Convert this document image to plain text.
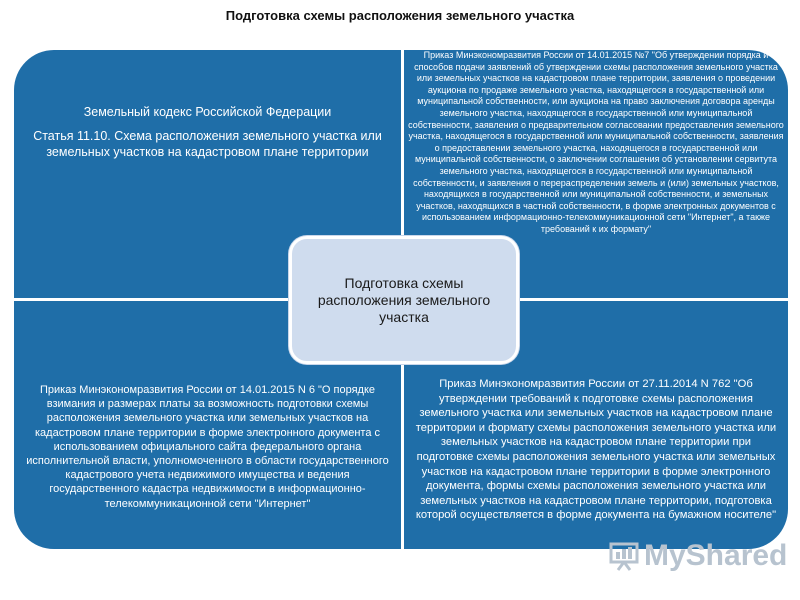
Подготовка схемы расположения земельного участка
Земельный кодекс Российской Федерации
Статья 11.10. Схема расположения земельного участка или земельных участков на кадастровом плане территории
Приказ Минэкономразвития России от 14.01.2015 №7 "Об утверждении порядка и способов подачи заявлений об утверждении схемы расположения земельного участка или земельных участков на кадастровом плане территории, заявления о проведении аукциона по продаже земельного участка, находящегося в государственной или муниципальной собственности, или аукциона на право заключения договора аренды земельного участка, находящегося в государственной или муниципальной собственности, заявления о предварительном согласовании предоставления земельного участка, находящегося в государственной или муниципальной собственности, заявления о предоставлении земельного участка, находящегося в государственной или муниципальной собственности, о заключении соглашения об установлении сервитута земельного участка, находящегося в государственной или муниципальной собственности, и заявления о перераспределении земель и (или) земельных участков, находящихся в государственной или муниципальной собственности, и земельных участков, находящихся в частной собственности, в форме электронных документов с использованием информационно-телекоммуникационной сети "Интернет", а также требований к их формату"
Приказ Минэкономразвития России от 14.01.2015 N 6 "О порядке взимания и размерах платы за возможность подготовки схемы расположения земельного участка или земельных участков на кадастровом плане территории в форме электронного документа с использованием официального сайта федерального органа исполнительной власти, уполномоченного в области государственного кадастрового учета недвижимого имущества и ведения государственного кадастра недвижимости в информационно-телекоммуникационной сети "Интернет"
Приказ Минэкономразвития России от 27.11.2014 N 762 "Об утверждении требований к подготовке схемы расположения земельного участка или земельных участков на кадастровом плане территории и формату схемы расположения земельного участка или земельных участков на кадастровом плане территории при подготовке схемы расположения земельного участка или земельных участков на кадастровом плане территории в форме электронного документа, формы схемы расположения земельного участка или земельных участков на кадастровом плане территории, подготовка которой осуществляется в форме документа на бумажном носителе"
Подготовка схемы расположения земельного участка
MyShared
